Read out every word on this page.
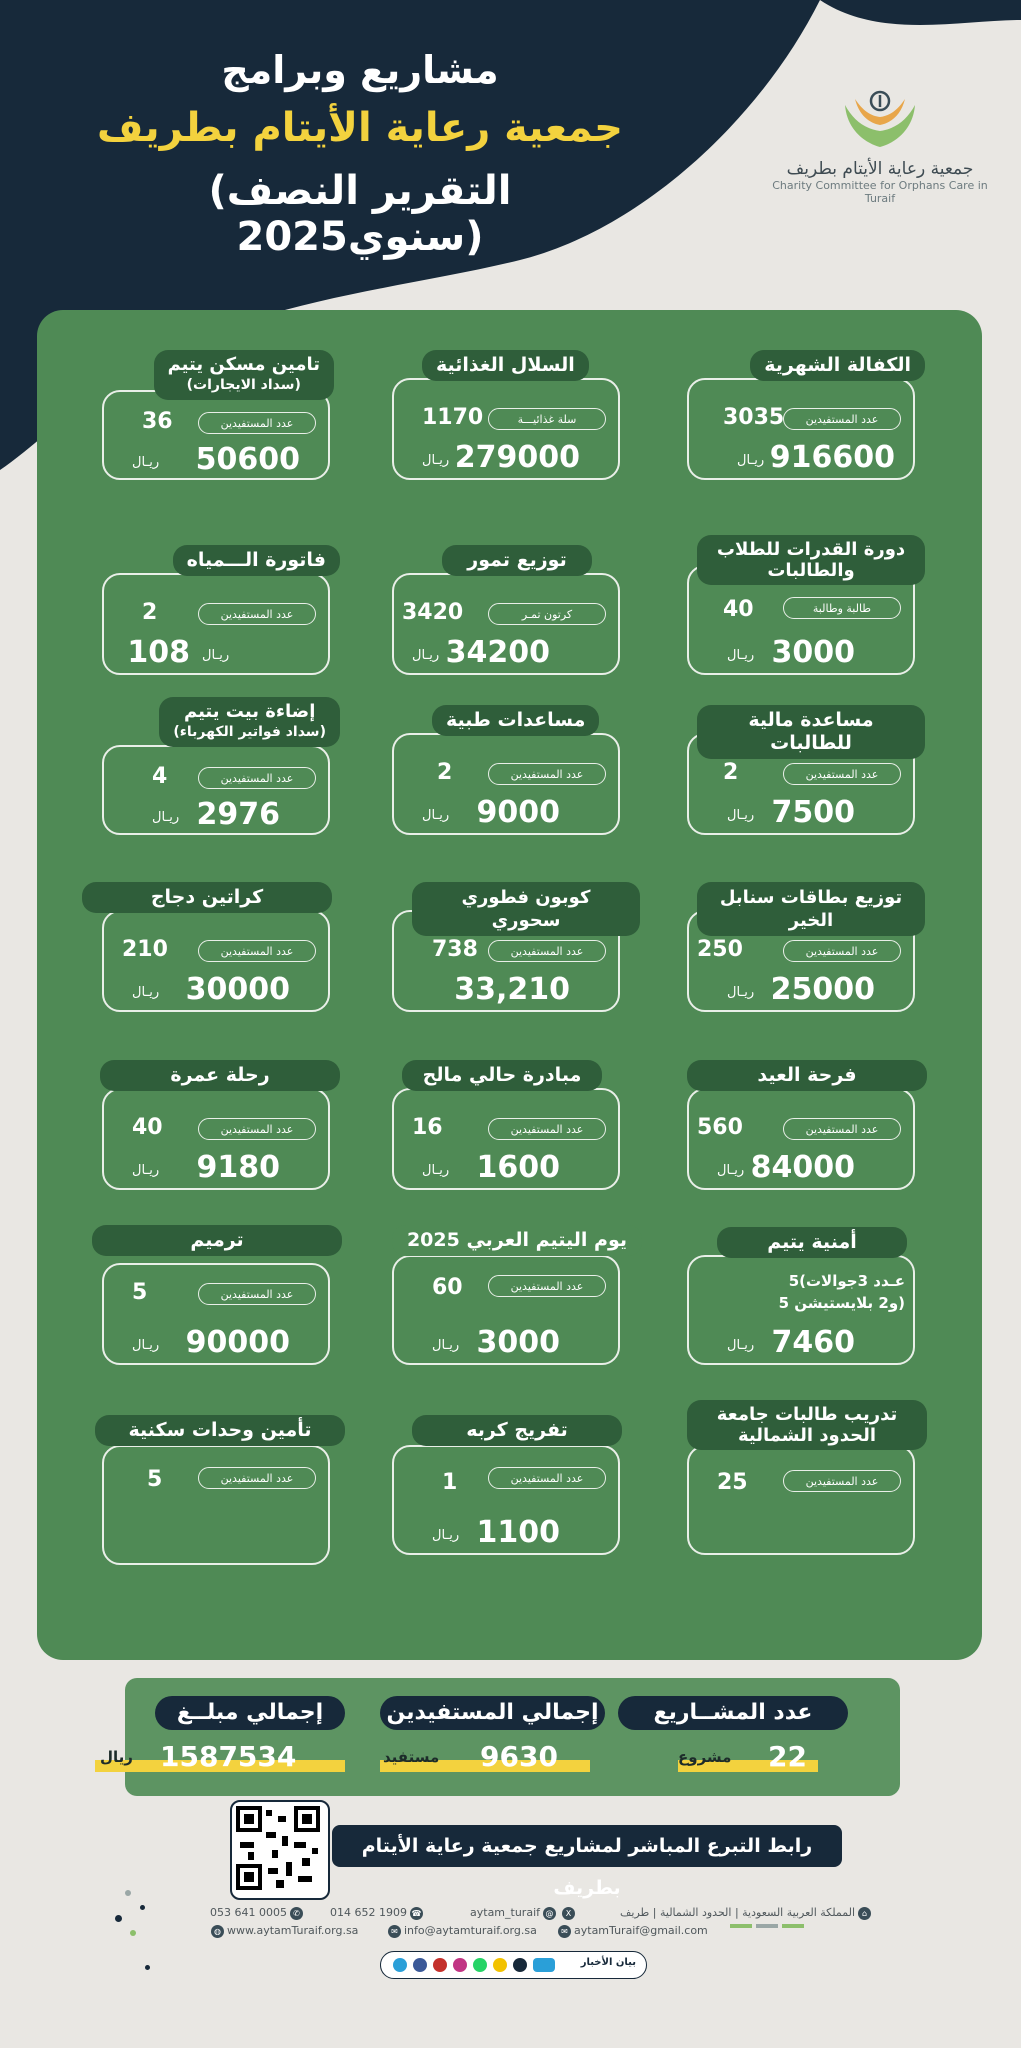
جمعية رعاية الأيتام بطريف
Charity Committee for Orphans Care in Turaif
مشاريع وبرامج
جمعية رعاية الأيتام بطريف
(التقرير النصف سنوي2025)
الكفالة الشهرية
عدد المستفيدين
3035
ريـال 916600
السلال الغذائية
سلة غذائيـــة
1170
ريـال 279000
تامين مسكن يتيم
(سداد الايجارات)
عدد المستفيدين
36
ريـال 50600
دورة القدرات للطلاب والطالبات
طالبة وطالبة
40
ريـال 3000
توزيع تمور
كرتون تمـر
3420
ريـال 34200
فاتورة الـــمياه
عدد المستفيدين
2
ريـال
108
مساعدة مالية للطالبات
عدد المستفيدين
2
ريـال 7500
مساعدات طبية
عدد المستفيدين
2
ريـال 9000
إضاءة بيت يتيم
(سداد فواتير الكهرباء)
عدد المستفيدين
4
ريـال 2976
توزيع بطاقات سنابل الخير
عدد المستفيدين
250
ريـال 25000
كوبون فطوري سحوري
عدد المستفيدين
738
33,210
كراتين دجاج
عدد المستفيدين
210
ريـال 30000
فرحة العيد
عدد المستفيدين
560
ريـال 84000
مبادرة حالي مالح
عدد المستفيدين
16
ريـال 1600
رحلة عمرة
عدد المستفيدين
40
ريـال 9180
أمنية يتيم
5(عـدد 3جوالات
و2 بلايستيشن 5)
ريـال 7460
يوم اليتيم العربي 2025
عدد المستفيدين
60
ريـال 3000
ترميم
عدد المستفيدين
5
ريـال 90000
تدريب طالبات جامعة الحدود الشمالية
عدد المستفيدين
25
تفريج كربه
عدد المستفيدين
1
ريـال 1100
تأمين وحدات سكنية
عدد المستفيدين
5
عدد المشــاريع
22
مشروع
إجمالي المستفيدين
9630
مستفيد
إجمالي مبلــغ
1587534
ريال
رابط التبرع المباشر لمشاريع جمعية رعاية الأيتام بطريف
المملكة العربية السعودية | الحدود الشمالية | طريف ⌂
aytam_turaif @ X
014 652 1909 ☎
053 641 0005 ✆
✉ aytamTuraif@gmail.com
✉ info@aytamturaif.org.sa
◍ www.aytamTuraif.org.sa
بيان الأخبار
